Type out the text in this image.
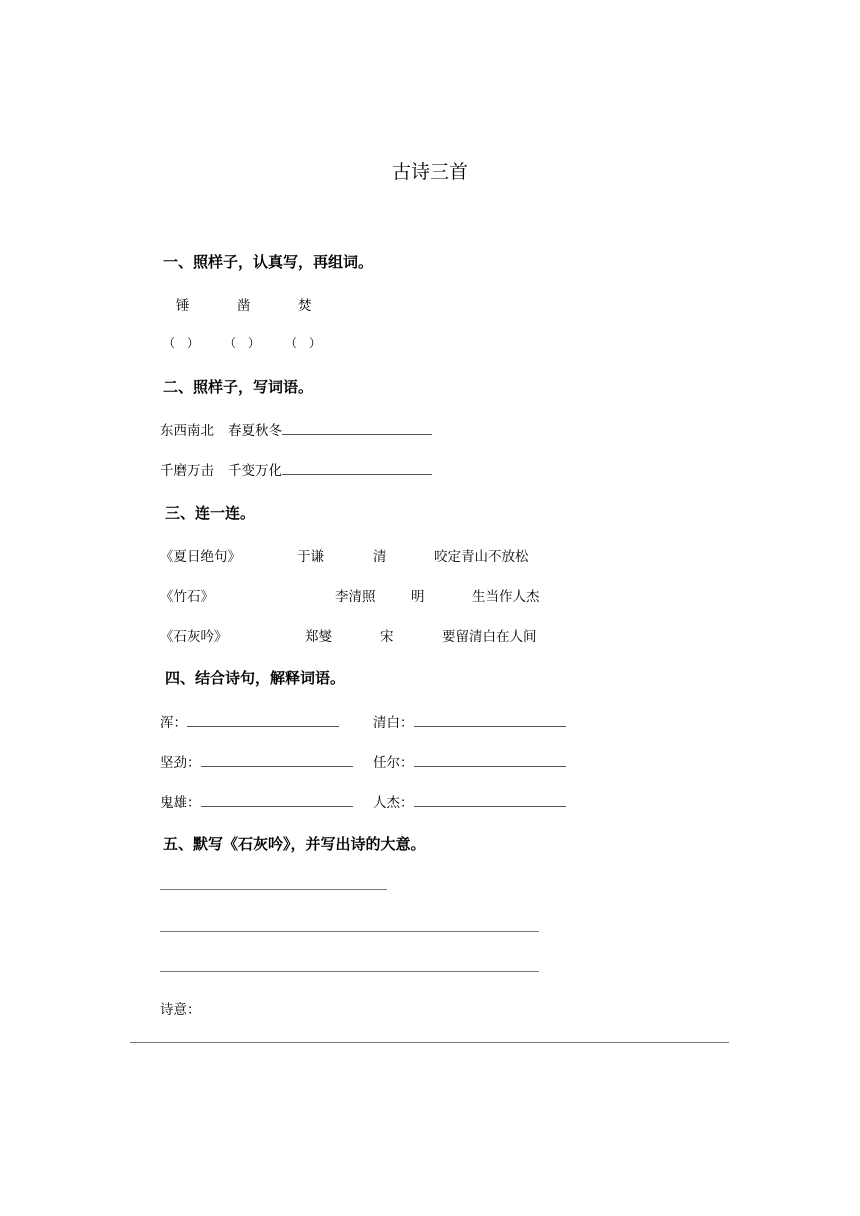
古诗三首
一、照样子，认真写，再组词。
锤	凿	焚
（　） （　） （　）
二、照样子，写词语。
东西南北 春夏秋冬
千磨万击 千变万化
三、连一连。
《夏日绝句》	于谦	清	咬定青山不放松
《竹石》	李清照	明	生当作人杰
《石灰吟》	郑燮	宋	要留清白在人间
四、结合诗句，解释词语。
浑：	清白：
坚劲：	任尔：
鬼雄：	人杰：
五、默写《石灰吟》，并写出诗的大意。
诗意：
